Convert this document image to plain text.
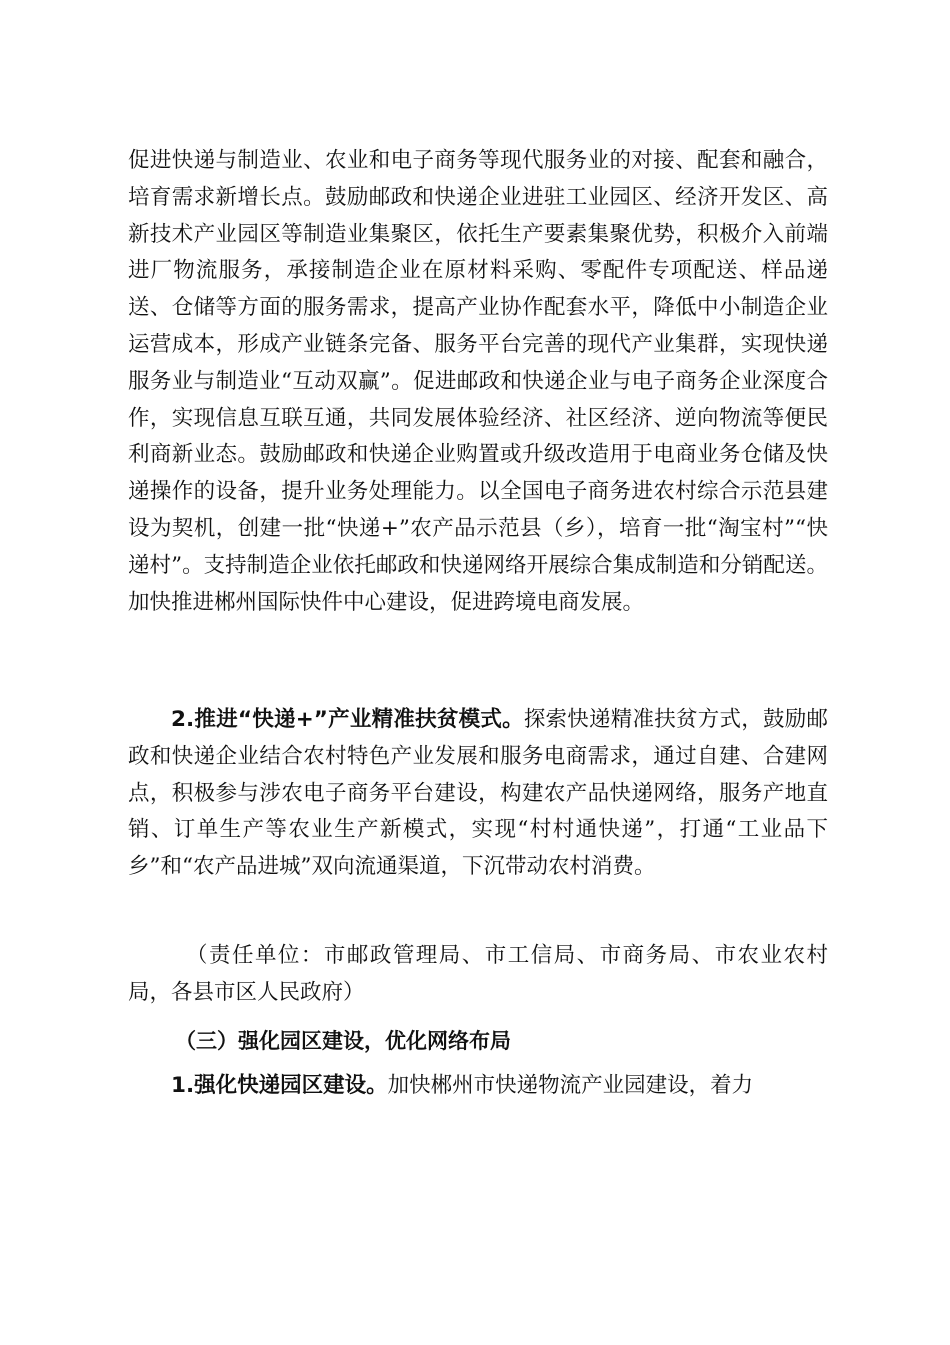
促进快递与制造业、农业和电子商务等现代服务业的对接、配套和融合，培育需求新增长点。鼓励邮政和快递企业进驻工业园区、经济开发区、高新技术产业园区等制造业集聚区，依托生产要素集聚优势，积极介入前端进厂物流服务，承接制造企业在原材料采购、零配件专项配送、样品递送、仓储等方面的服务需求，提高产业协作配套水平，降低中小制造企业运营成本，形成产业链条完备、服务平台完善的现代产业集群，实现快递服务业与制造业“互动双赢”。促进邮政和快递企业与电子商务企业深度合作，实现信息互联互通，共同发展体验经济、社区经济、逆向物流等便民利商新业态。鼓励邮政和快递企业购置或升级改造用于电商业务仓储及快递操作的设备，提升业务处理能力。以全国电子商务进农村综合示范县建设为契机，创建一批“快递+”农产品示范县（乡），培育一批“淘宝村”“快递村”。支持制造企业依托邮政和快递网络开展综合集成制造和分销配送。加快推进郴州国际快件中心建设，促进跨境电商发展。

2.推进“快递+”产业精准扶贫模式。探索快递精准扶贫方式，鼓励邮政和快递企业结合农村特色产业发展和服务电商需求，通过自建、合建网点，积极参与涉农电子商务平台建设，构建农产品快递网络，服务产地直销、订单生产等农业生产新模式，实现“村村通快递”，打通“工业品下乡”和“农产品进城”双向流通渠道，下沉带动农村消费。

（责任单位：市邮政管理局、市工信局、市商务局、市农业农村局，各县市区人民政府）

（三）强化园区建设，优化网络布局

1.强化快递园区建设。加快郴州市快递物流产业园建设，着力
